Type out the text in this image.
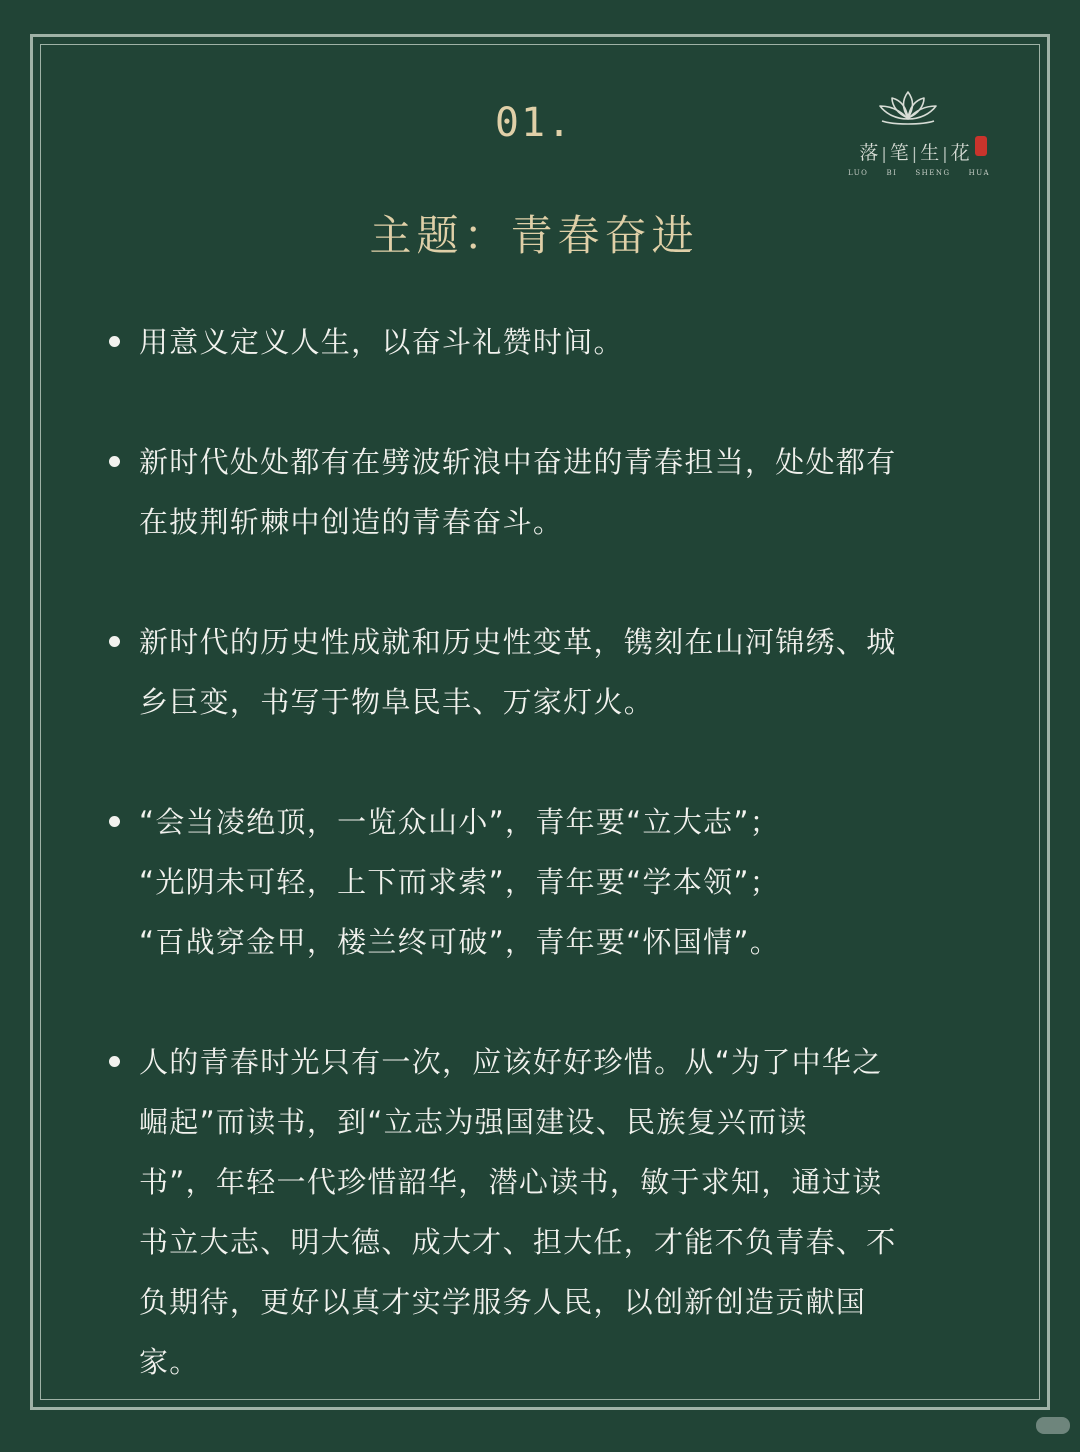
01.
主题：青春奋进
落 | 笔 | 生 | 花
LUO	BI	SHENG	HUA

用意义定义人生，以奋斗礼赞时间。

新时代处处都有在劈波斩浪中奋进的青春担当，处处都有

在披荆斩棘中创造的青春奋斗。

新时代的历史性成就和历史性变革，镌刻在山河锦绣、城

乡巨变，书写于物阜民丰、万家灯火。

“会当凌绝顶，一览众山小”，青年要“立大志”；

“光阴未可轻，上下而求索”，青年要“学本领”；

“百战穿金甲，楼兰终可破”，青年要“怀国情”。

人的青春时光只有一次，应该好好珍惜。从“为了中华之

崛起”而读书，到“立志为强国建设、民族复兴而读

书”，年轻一代珍惜韶华，潜心读书，敏于求知，通过读

书立大志、明大德、成大才、担大任，才能不负青春、不

负期待，更好以真才实学服务人民，以创新创造贡献国

家。
